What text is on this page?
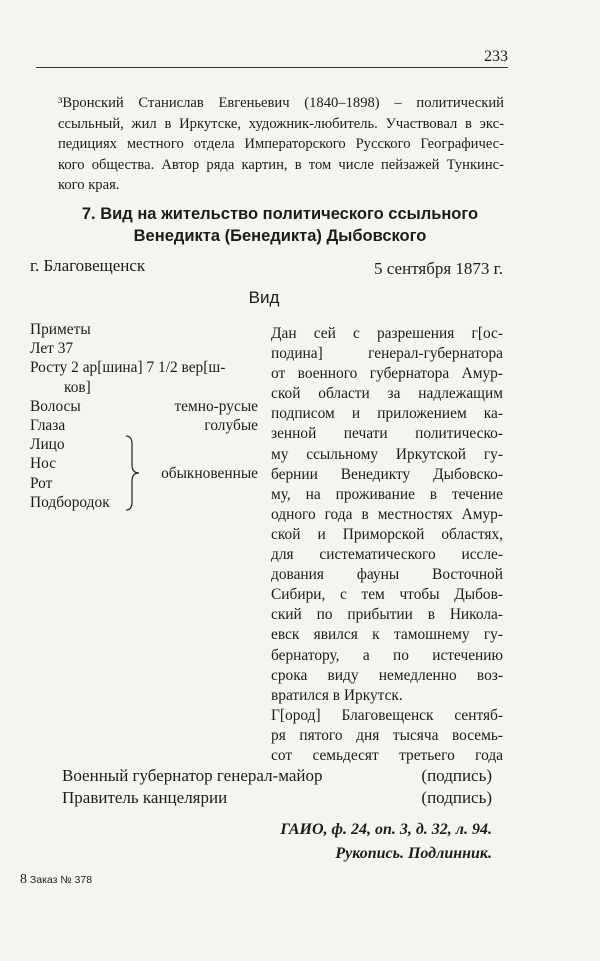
233
³Вронский Станислав Евгеньевич (1840–1898) – политический
ссыльный, жил в Иркутске, художник-любитель. Участвовал в экс-
педициях местного отдела Императорского Русского Географичес-
кого общества. Автор ряда картин, в том числе пейзажей Тункинс-
кого края.
7. Вид на жительство политического ссыльного
Венедикта (Бенедикта) Дыбовского
г. Благовещенск	5 сентября 1873 г.
Вид
Приметы
Лет 37
Росту 2 ар[шина] 7 1/2 вер[ш-
ков]
Волосы	темно-русые
Глаза	голубые
Лицо
Нос
Рот
Подбородок
обыкновенные
Дан сей с разрешения г[ос-
подина] генерал-губернатора
от военного губернатора Амур-
ской области за надлежащим
подписом и приложением ка-
зенной печати политическо-
му ссыльному Иркутской гу-
бернии Венедикту Дыбовско-
му, на проживание в течение
одного года в местностях Амур-
ской и Приморской областях,
для систематического иссле-
дования фауны Восточной
Сибири, с тем чтобы Дыбов-
ский по прибытии в Николa-
евск явился к тамошнему гу-
бернатору, а по истечению
срока виду немедленно воз-
вратился в Иркутск.
Г[ород] Благовещенск сентяб-
ря пятого дня тысяча восемь-
сот семьдесят третьего года
Военный губернатор генерал-майор	(подпись)
Правитель канцелярии	(подпись)
ГАИО, ф. 24, оп. 3, д. 32, л. 94.
Рукопись. Подлинник.
8 Заказ № 378
